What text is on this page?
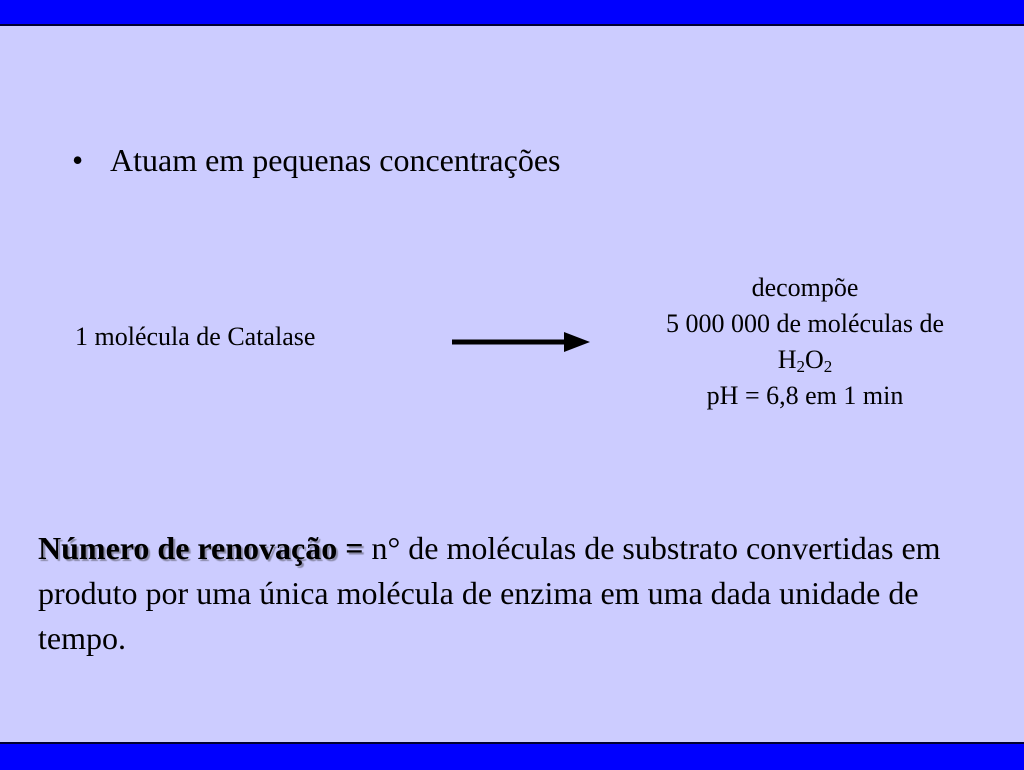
• Atuam em pequenas concentrações
1 molécula de Catalase
decompõe
5 000 000 de moléculas de
$H_2O_2$
pH = 6,8 em 1 min
Número de renovação = n° de moléculas de substrato convertidas em produto por uma única molécula de enzima em uma dada unidade de tempo.
